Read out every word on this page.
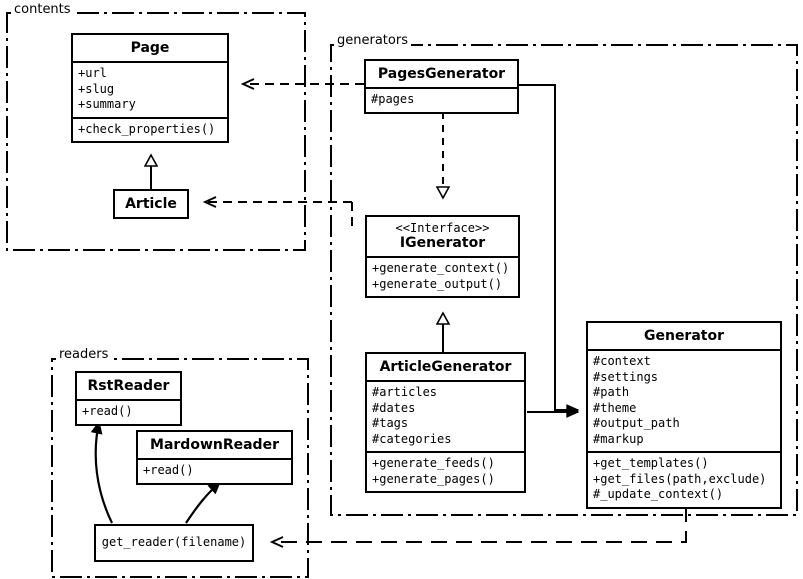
contents
generators
readers
Page
+url
+slug
+summary
+check_properties()
Article
PagesGenerator
#pages
<<Interface>>
IGenerator
+generate_context()
+generate_output()
ArticleGenerator
#articles
#dates
#tags
#categories
+generate_feeds()
+generate_pages()
Generator
#context
#settings
#path
#theme
#output_path
#markup
+get_templates()
+get_files(path,exclude)
#_update_context()
RstReader
+read()
MardownReader
+read()
get_reader(filename)
